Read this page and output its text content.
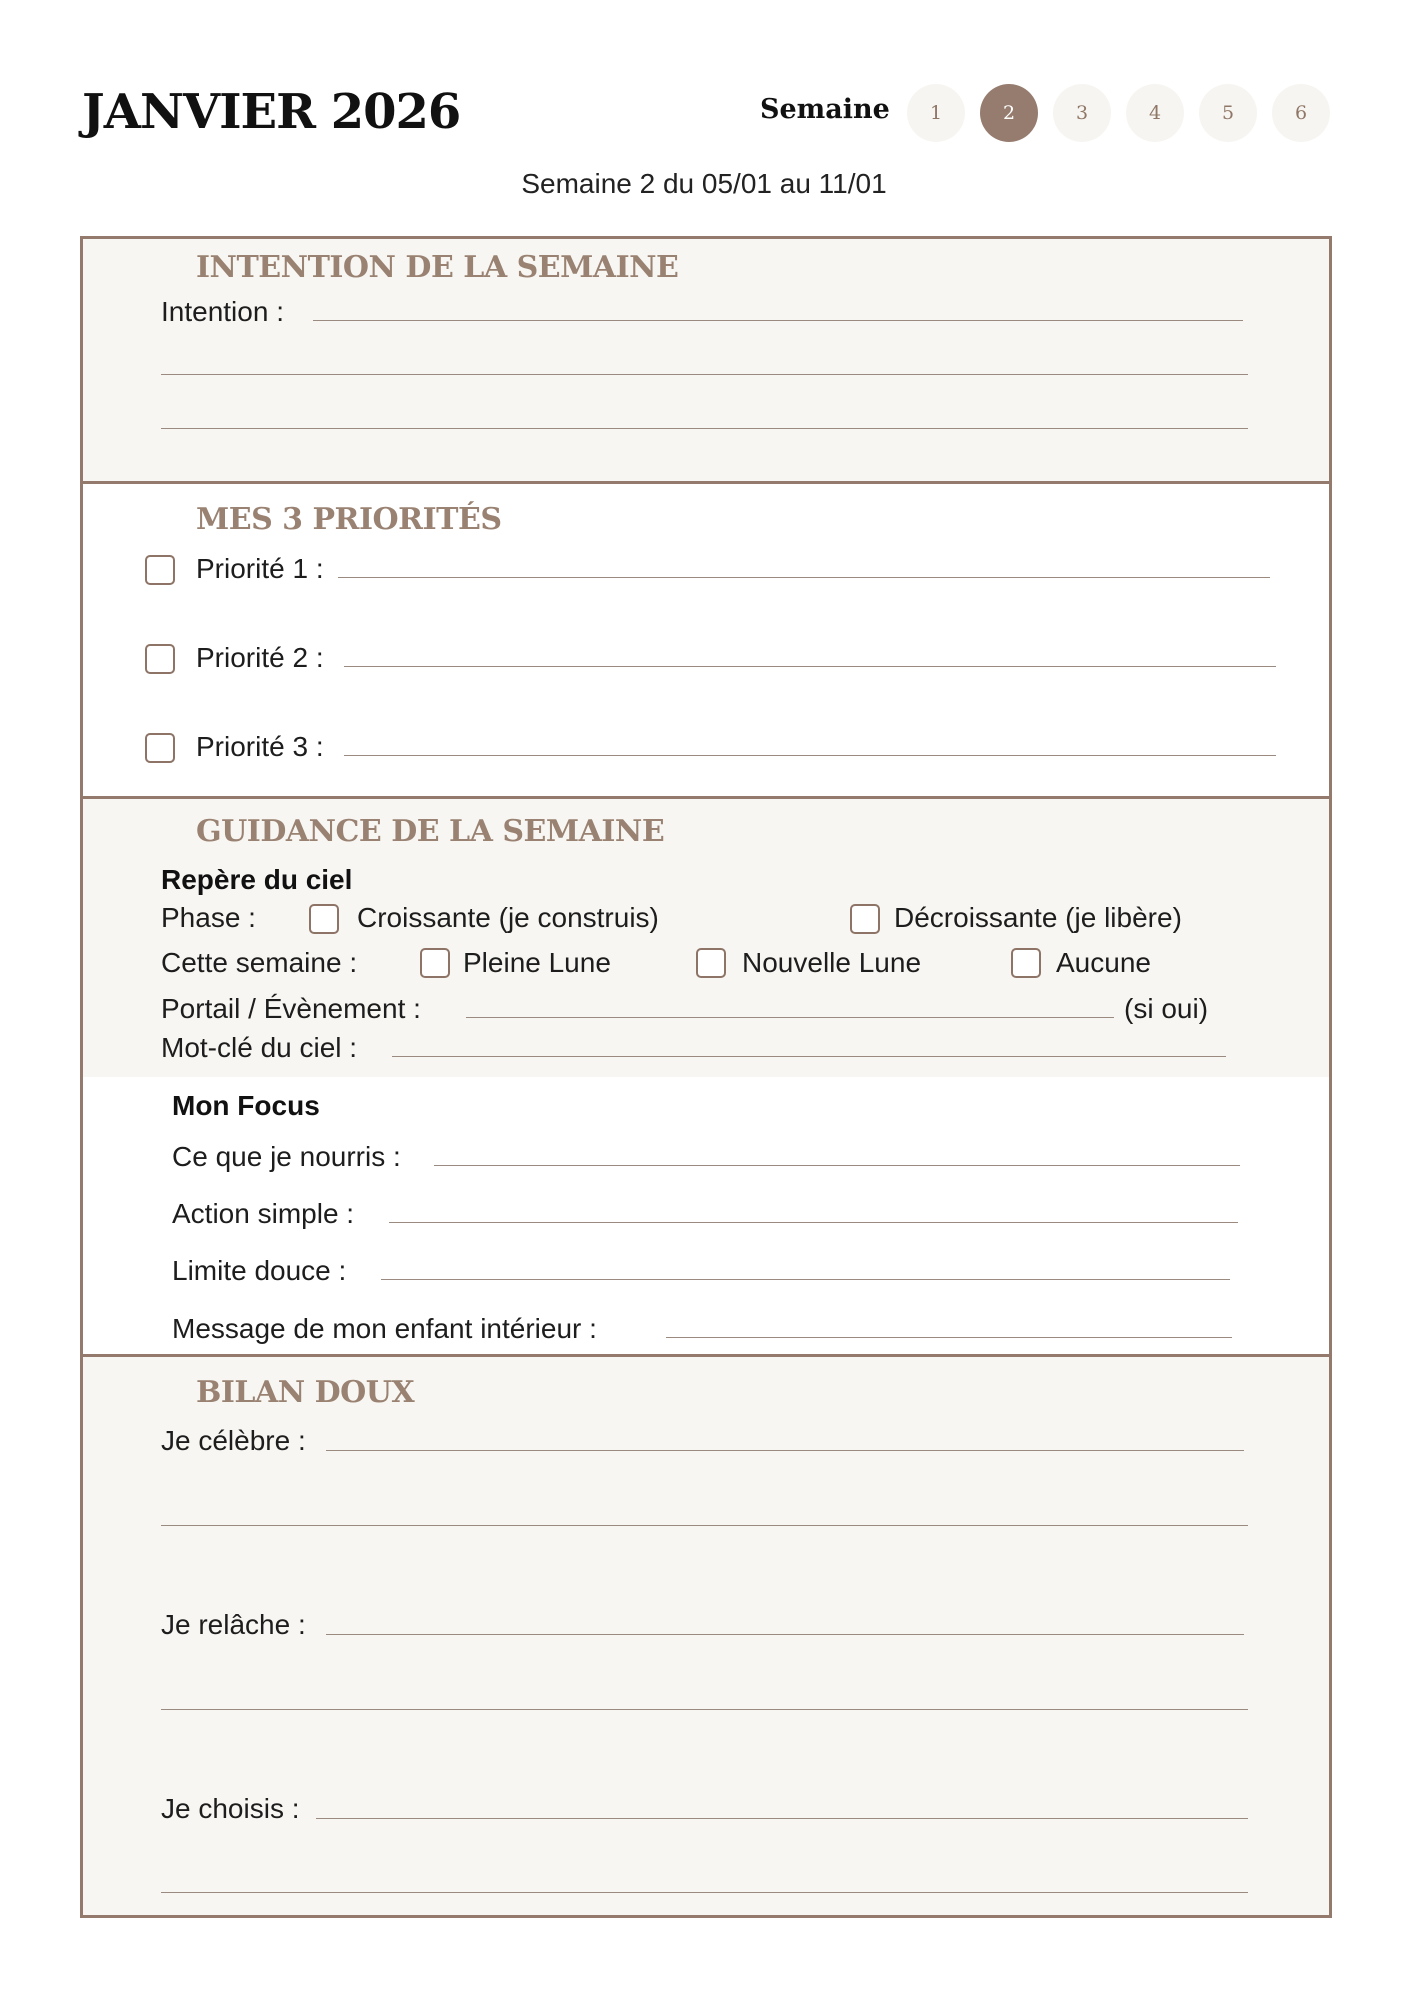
JANVIER 2026	Semaine	1	2	3	4	5	6
Semaine 2 du 05/01 au 11/01
INTENTION DE LA SEMAINE
Intention :
MES 3 PRIORITÉS
Priorité 1 :
Priorité 2 :
Priorité 3 :
GUIDANCE DE LA SEMAINE
Repère du ciel
Phase :	Croissante (je construis)	Décroissante (je libère)
Cette semaine :	Pleine Lune	Nouvelle Lune	Aucune
Portail / Évènement :	(si oui)
Mot-clé du ciel :
Mon Focus
Ce que je nourris :
Action simple :
Limite douce :
Message de mon enfant intérieur :
BILAN DOUX
Je célèbre :
Je relâche :
Je choisis :
